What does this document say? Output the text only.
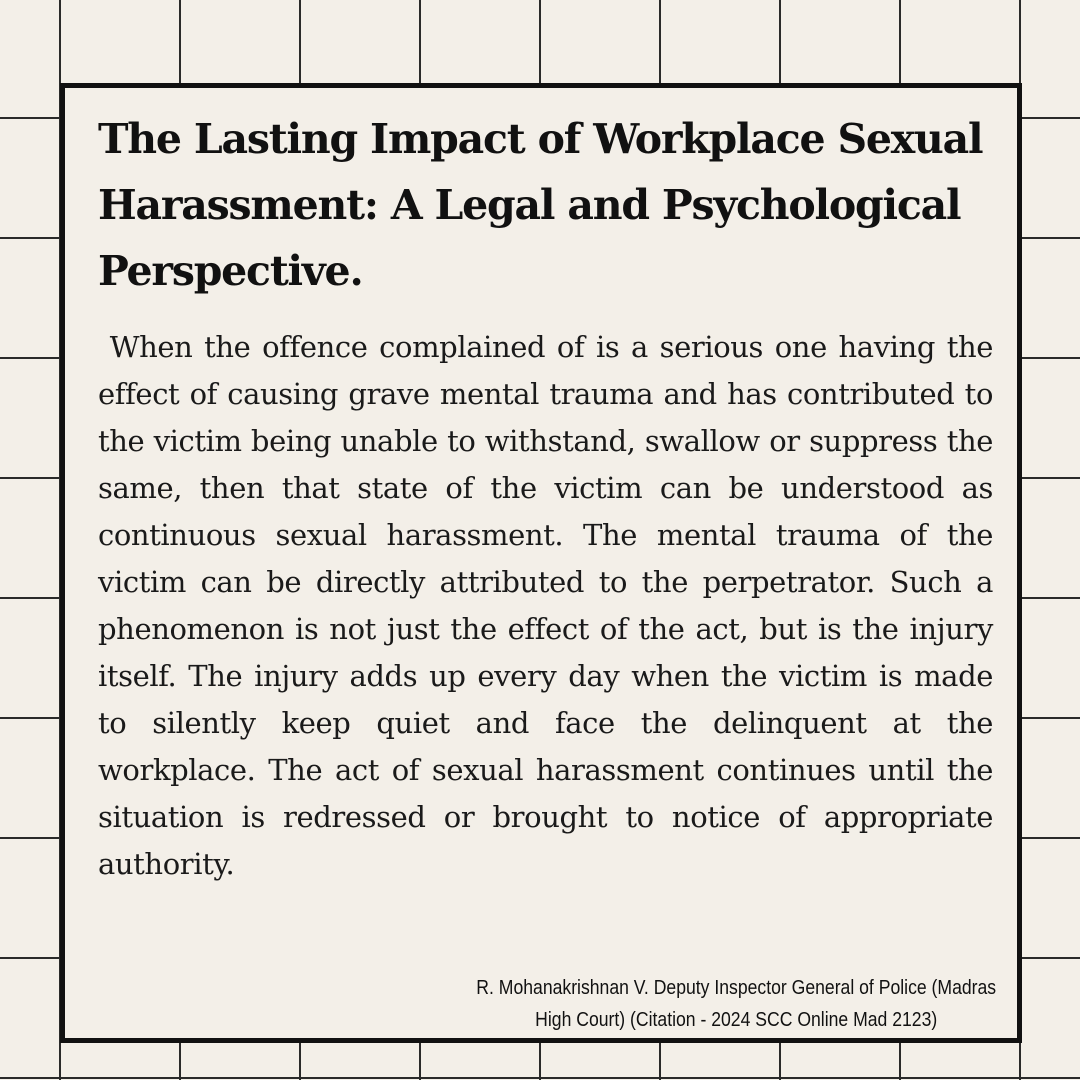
The Lasting Impact of Workplace Sexual Harassment: A Legal and Psychological Perspective.

When the offence complained of is a serious one having the effect of causing grave mental trauma and has contributed to the victim being unable to withstand, swallow or suppress the same, then that state of the victim can be understood as continuous sexual harassment. The mental trauma of the victim can be directly attributed to the perpetrator. Such a phenomenon is not just the effect of the act, but is the injury itself. The injury adds up every day when the victim is made to silently keep quiet and face the delinquent at the workplace. The act of sexual harassment continues until the situation is redressed or brought to notice of appropriate authority.

R. Mohanakrishnan V. Deputy Inspector General of Police (Madras High Court) (Citation - 2024 SCC Online Mad 2123)
